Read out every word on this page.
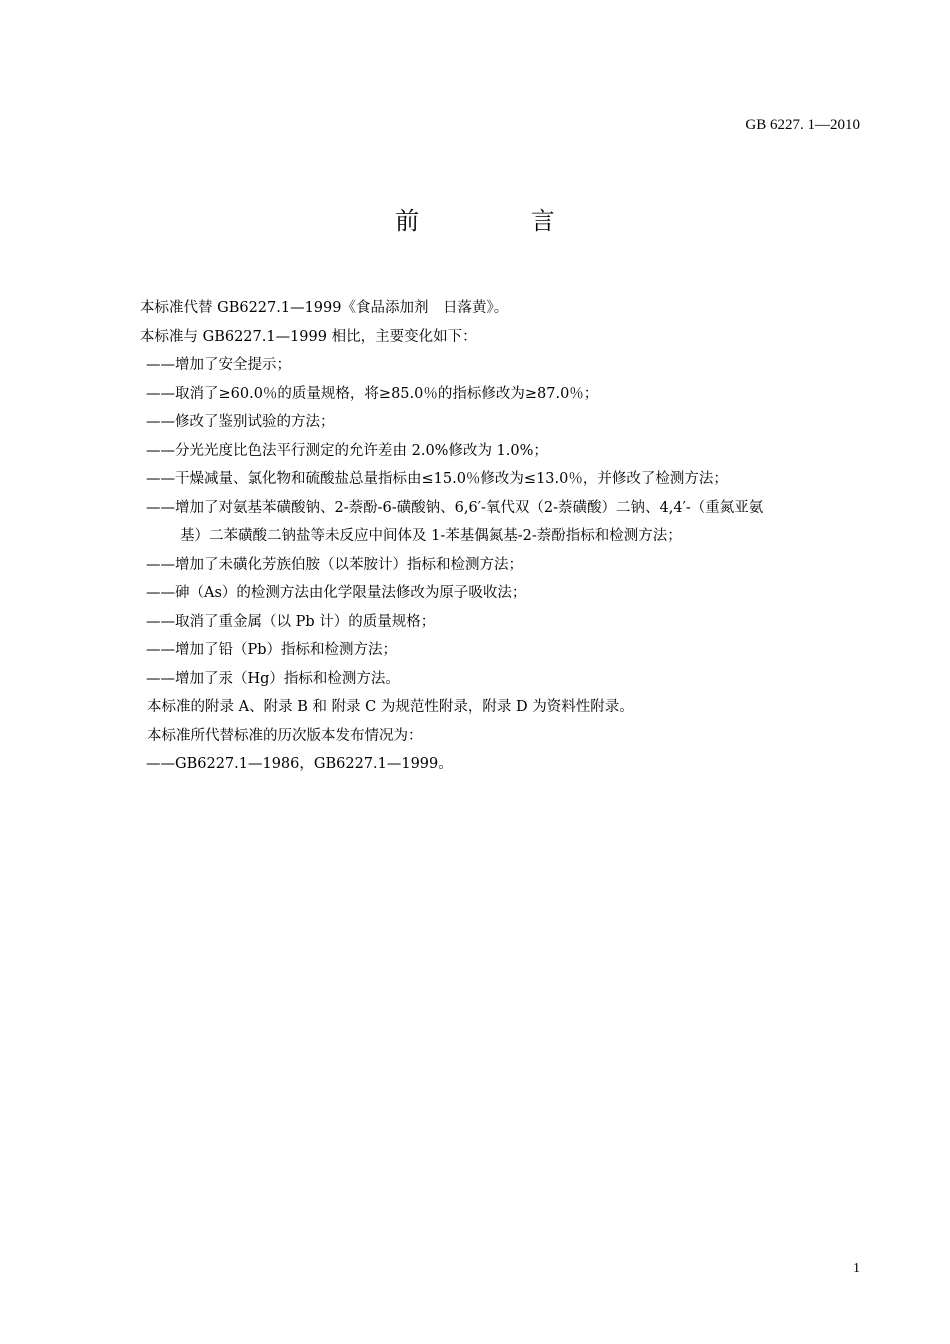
GB 6227. 1—2010
前 言
本标准代替 GB6227.1—1999《食品添加剂　日落黄》。
本标准与 GB6227.1—1999 相比，主要变化如下：
——增加了安全提示；
——取消了≥60.0％的质量规格，将≥85.0％的指标修改为≥87.0％；
——修改了鉴别试验的方法；
——分光光度比色法平行测定的允许差由 2.0%修改为 1.0%；
——干燥减量、氯化物和硫酸盐总量指标由≤15.0％修改为≤13.0％，并修改了检测方法；
——增加了对氨基苯磺酸钠、2-萘酚-6-磺酸钠、6,6′-氧代双（2-萘磺酸）二钠、4,4′-（重氮亚氨
基）二苯磺酸二钠盐等未反应中间体及 1-苯基偶氮基-2-萘酚指标和检测方法；
——增加了未磺化芳族伯胺（以苯胺计）指标和检测方法；
——砷（As）的检测方法由化学限量法修改为原子吸收法；
——取消了重金属（以 Pb 计）的质量规格；
——增加了铅（Pb）指标和检测方法；
——增加了汞（Hg）指标和检测方法。
本标准的附录 A、附录 B 和 附录 C 为规范性附录，附录 D 为资料性附录。
本标准所代替标准的历次版本发布情况为：
——GB6227.1—1986，GB6227.1—1999。
1
